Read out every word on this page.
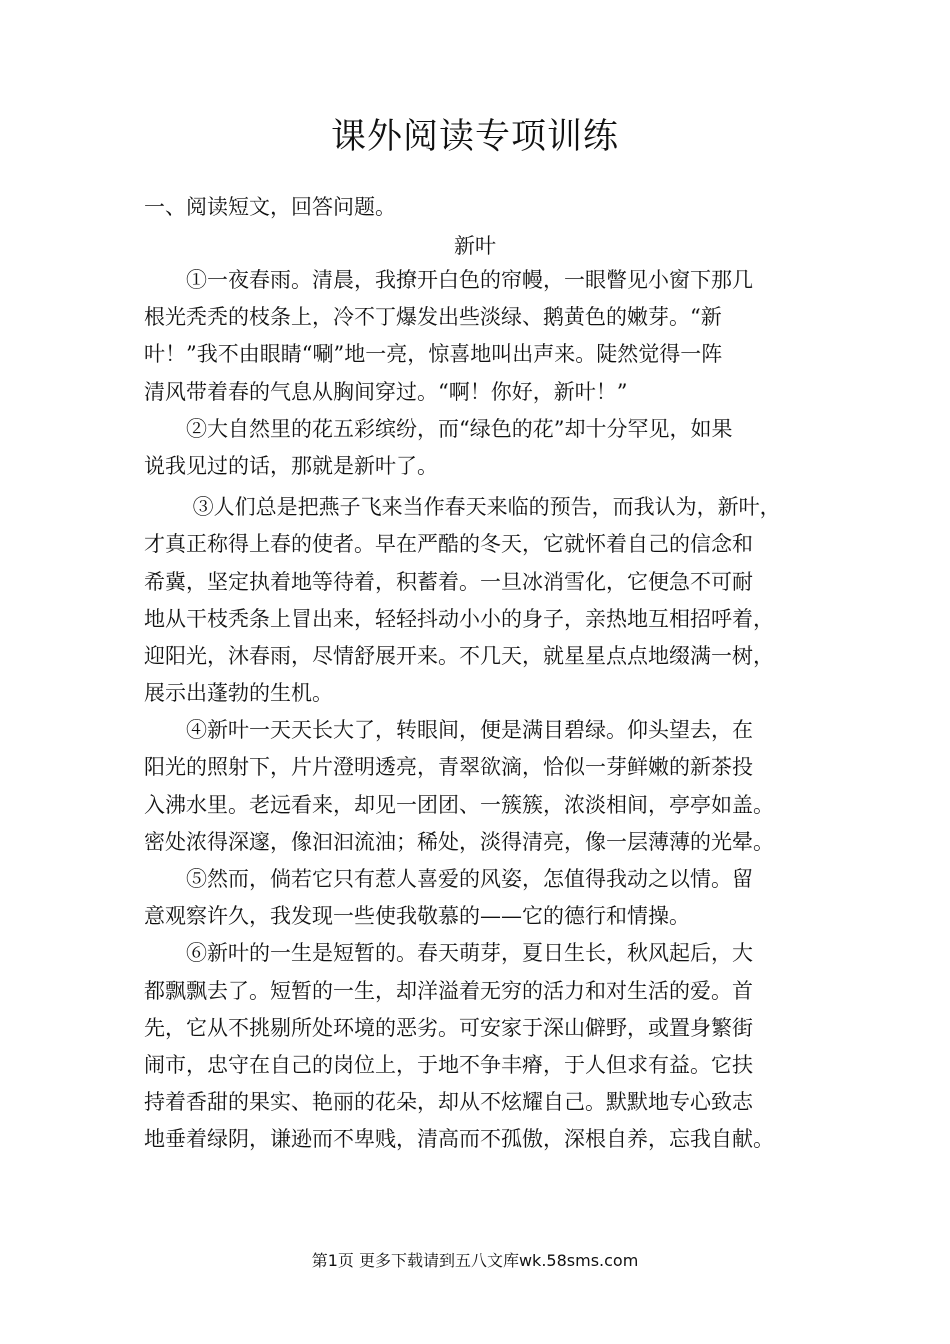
课外阅读专项训练

一、阅读短文，回答问题。

新叶

　　①一夜春雨。清晨，我撩开白色的帘幔，一眼瞥见小窗下那几
根光秃秃的枝条上，冷不丁爆发出些淡绿、鹅黄色的嫩芽。“新
叶！”我不由眼睛“唰”地一亮，惊喜地叫出声来。陡然觉得一阵
清风带着春的气息从胸间穿过。“啊！你好，新叶！”

　　②大自然里的花五彩缤纷，而“绿色的花”却十分罕见，如果
说我见过的话，那就是新叶了。

　　 ③人们总是把燕子飞来当作春天来临的预告，而我认为，新叶，
才真正称得上春的使者。早在严酷的冬天，它就怀着自己的信念和
希冀，坚定执着地等待着，积蓄着。一旦冰消雪化，它便急不可耐
地从干枝秃条上冒出来，轻轻抖动小小的身子，亲热地互相招呼着，
迎阳光，沐春雨，尽情舒展开来。不几天，就星星点点地缀满一树，
展示出蓬勃的生机。

　　④新叶一天天长大了，转眼间，便是满目碧绿。仰头望去，在
阳光的照射下，片片澄明透亮，青翠欲滴，恰似一芽鲜嫩的新茶投
入沸水里。老远看来，却见一团团、一簇簇，浓淡相间，亭亭如盖。
密处浓得深邃，像汩汩流油；稀处，淡得清亮，像一层薄薄的光晕。

　　⑤然而，倘若它只有惹人喜爱的风姿，怎值得我动之以情。留
意观察许久，我发现一些使我敬慕的——它的德行和情操。

　　⑥新叶的一生是短暂的。春天萌芽，夏日生长，秋风起后，大
都飘飘去了。短暂的一生，却洋溢着无穷的活力和对生活的爱。首
先，它从不挑剔所处环境的恶劣。可安家于深山僻野，或置身繁街
闹市，忠守在自己的岗位上，于地不争丰瘠，于人但求有益。它扶
持着香甜的果实、艳丽的花朵，却从不炫耀自己。默默地专心致志
地垂着绿阴，谦逊而不卑贱，清高而不孤傲，深根自养，忘我自献。

第1页 更多下载请到五八文库wk.58sms.com
